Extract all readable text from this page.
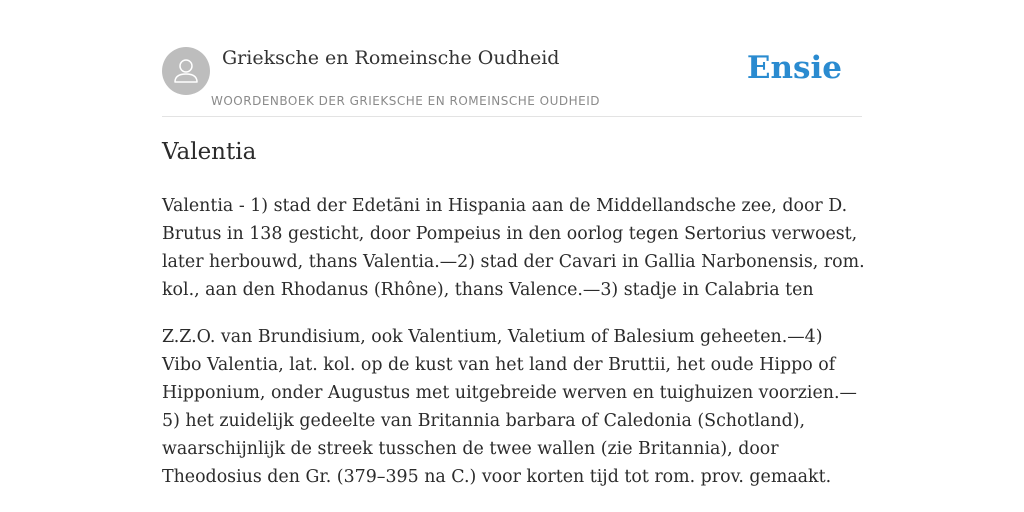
Grieksche en Romeinsche Oudheid
WOORDENBOEK DER GRIEKSCHE EN ROMEINSCHE OUDHEID
Ensie
Valentia

Valentia - 1) stad der Edetāni in Hispania aan de Middellandsche zee, door D. Brutus in 138 gesticht, door Pompeius in den oorlog tegen Sertorius verwoest, later herbouwd, thans Valentia.—2) stad der Cavari in Gallia Narbonensis, rom. kol., aan den Rhodanus (Rhône), thans Valence.—3) stadje in Calabria ten

Z.Z.O. van Brundisium, ook Valentium, Valetium of Balesium geheeten.—4) Vibo Valentia, lat. kol. op de kust van het land der Bruttii, het oude Hippo of Hipponium, onder Augustus met uitgebreide werven en tuighuizen voorzien.—5) het zuidelijk gedeelte van Britannia barbara of Caledonia (Schotland), waarschijnlijk de streek tusschen de twee wallen (zie Britannia), door Theodosius den Gr. (379–395 na C.) voor korten tijd tot rom. prov. gemaakt.
